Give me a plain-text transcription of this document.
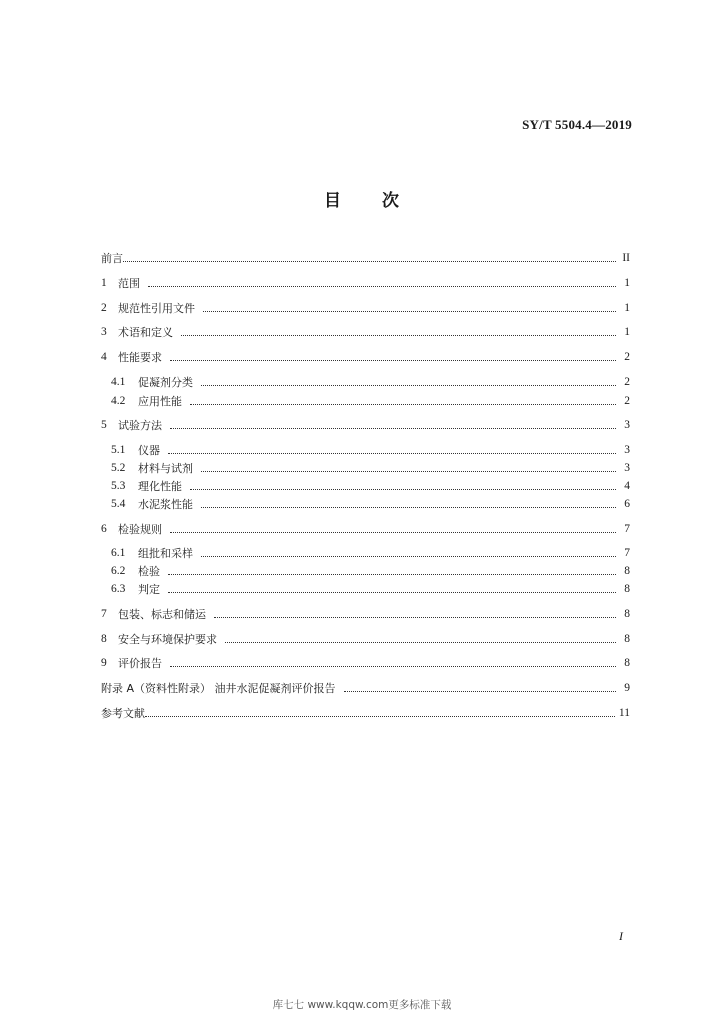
SY/T 5504.4—2019
目 次
前言	II
1	范围	1
2	规范性引用文件	1
3	术语和定义	1
4	性能要求	2
4.1	促凝剂分类	2
4.2	应用性能	2
5	试验方法	3
5.1	仪器	3
5.2	材料与试剂	3
5.3	理化性能	4
5.4	水泥浆性能	6
6	检验规则	7
6.1	组批和采样	7
6.2	检验	8
6.3	判定	8
7	包装、标志和储运	8
8	安全与环境保护要求	8
9	评价报告	8
附录 A（资料性附录） 油井水泥促凝剂评价报告	9
参考文献	11
I
库七七 www.kqqw.com更多标准下载
